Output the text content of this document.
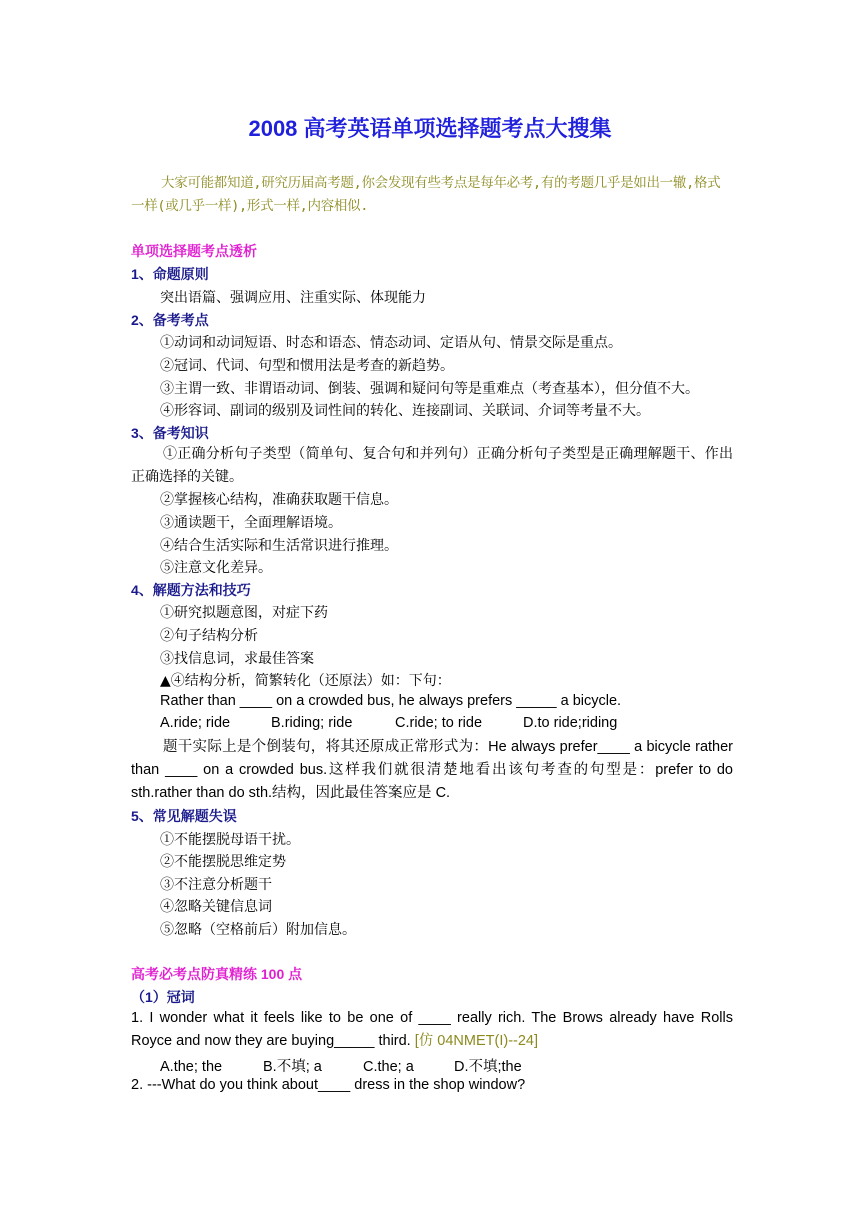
2008 高考英语单项选择题考点大搜集
大家可能都知道,研究历届高考题,你会发现有些考点是每年必考,有的考题几乎是如出一辙,格式一样(或几乎一样),形式一样,内容相似.
单项选择题考点透析
1、命题原则
突出语篇、强调应用、注重实际、体现能力
2、备考考点
①动词和动词短语、时态和语态、情态动词、定语从句、情景交际是重点。
②冠词、代词、句型和惯用法是考查的新趋势。
③主谓一致、非谓语动词、倒装、强调和疑问句等是重难点（考查基本），但分值不大。
④形容词、副词的级别及词性间的转化、连接副词、关联词、介词等考量不大。
3、备考知识
①正确分析句子类型（简单句、复合句和并列句）正确分析句子类型是正确理解题干、作出正确选择的关键。
②掌握核心结构，准确获取题干信息。
③通读题干，全面理解语境。
④结合生活实际和生活常识进行推理。
⑤注意文化差异。
4、解题方法和技巧
①研究拟题意图，对症下药
②句子结构分析
③找信息词，求最佳答案
▲④结构分析，简繁转化（还原法）如：下句：
Rather than ____ on a crowded bus, he always prefers _____ a bicycle.
A.ride; ride	B.riding; ride	C.ride; to ride	D.to ride;riding
题干实际上是个倒装句，将其还原成正常形式为：He always prefer____ a bicycle rather than ____ on a crowded bus.这样我们就很清楚地看出该句考查的句型是：prefer to do sth.rather than do sth.结构，因此最佳答案应是 C.
5、常见解题失误
①不能摆脱母语干扰。
②不能摆脱思维定势
③不注意分析题干
④忽略关键信息词
⑤忽略（空格前后）附加信息。
高考必考点防真精练 100 点
（1）冠词
1. I wonder what it feels like to be one of ____ really rich. The Brows already have Rolls Royce and now they are buying_____ third. [仿 04NMET(I)--24]
A.the; the	B.不填; a	C.the; a	D.不填;the
2. ---What do you think about____ dress in the shop window?
